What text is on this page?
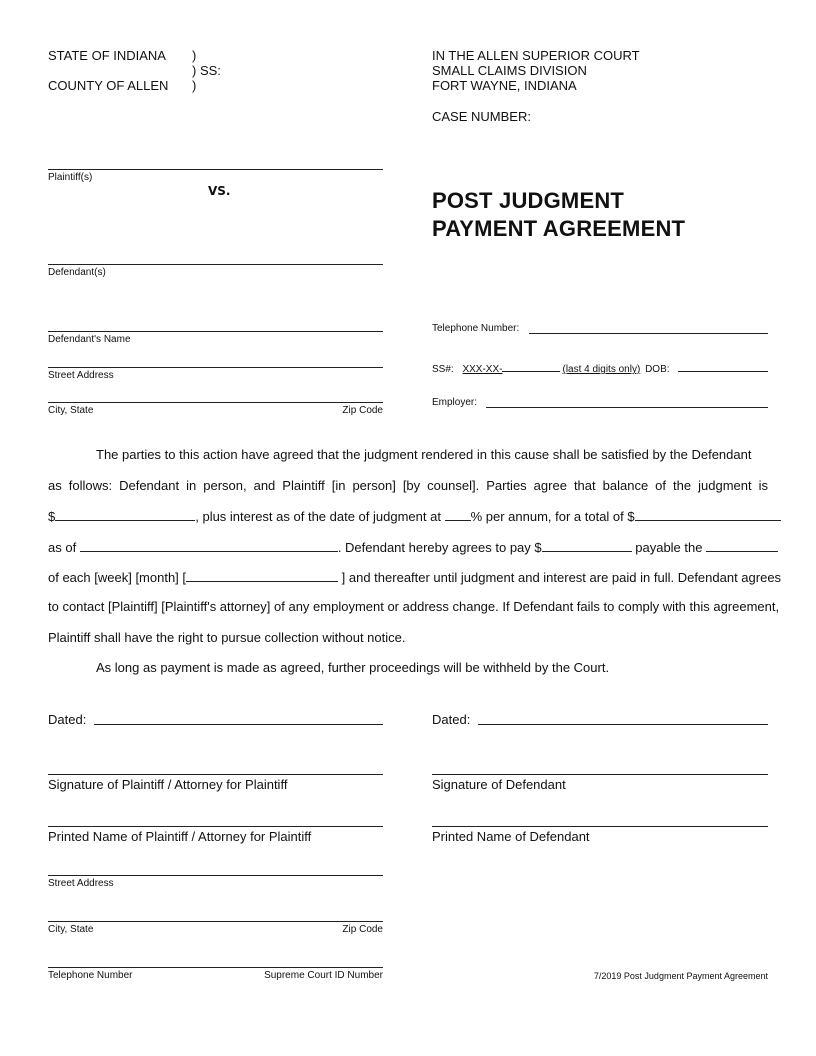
STATE OF INDIANA )
) SS:
COUNTY OF ALLEN )
IN THE ALLEN SUPERIOR COURT
SMALL CLAIMS DIVISION
FORT WAYNE, INDIANA
CASE NUMBER:
Plaintiff(s)
VS.
Defendant(s)
POST JUDGMENT
PAYMENT AGREEMENT
Defendant's Name
Street Address
City, State	Zip Code
Telephone Number:
SS#: XXX-XX-	(last 4 digits only) DOB:
Employer:
The parties to this action have agreed that the judgment rendered in this cause shall be satisfied by the Defendant
as follows: Defendant in person, and Plaintiff [in person] [by counsel]. Parties agree that balance of the judgment is
$	, plus interest as of the date of judgment at % per annum, for a total of $
as of	. Defendant hereby agrees to pay $	payable the
of each [week] [month] [	] and thereafter until judgment and interest are paid in full. Defendant agrees
to contact [Plaintiff] [Plaintiff's attorney] of any employment or address change. If Defendant fails to comply with this agreement,
Plaintiff shall have the right to pursue collection without notice.
As long as payment is made as agreed, further proceedings will be withheld by the Court.
Dated:
Signature of Plaintiff / Attorney for Plaintiff
Printed Name of Plaintiff / Attorney for Plaintiff
Street Address
City, State	Zip Code
Telephone Number	Supreme Court ID Number
Dated:
Signature of Defendant
Printed Name of Defendant
7/2019 Post Judgment Payment Agreement
